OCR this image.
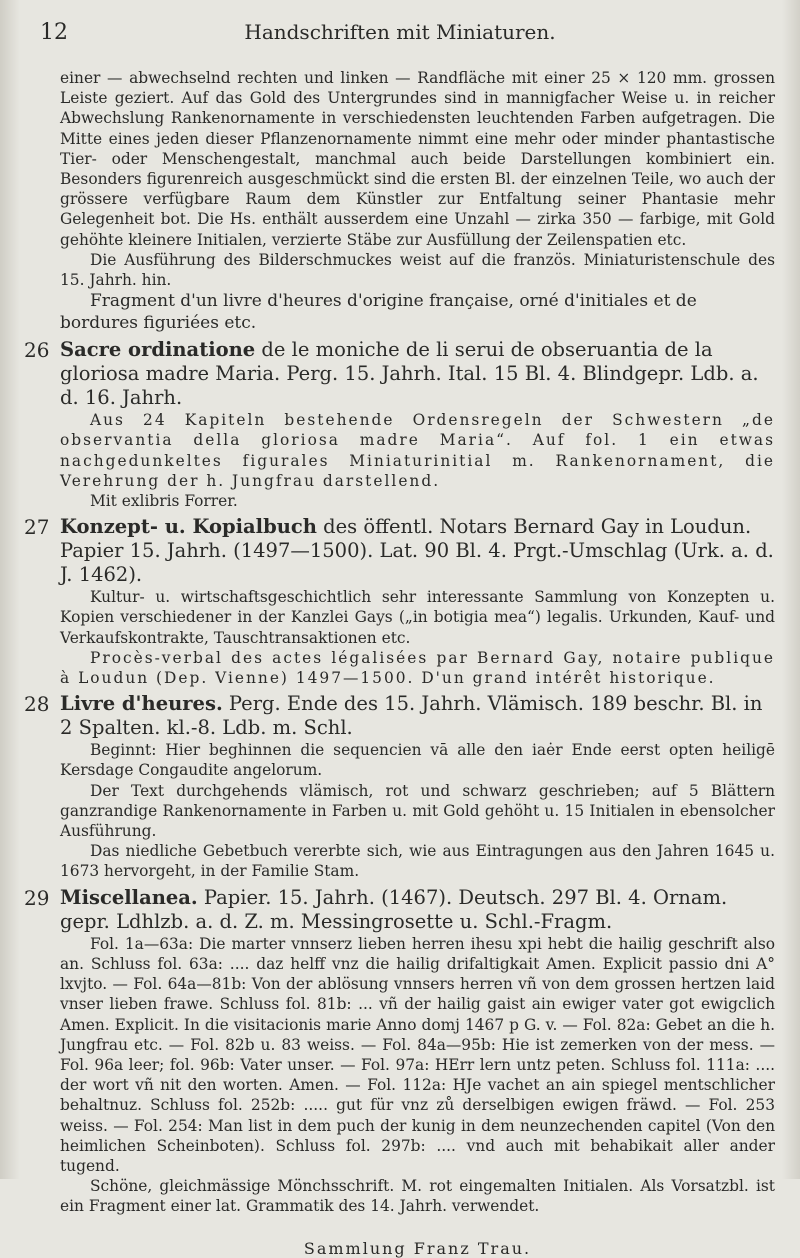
12	Handschriften mit Miniaturen.

einer — abwechselnd rechten und linken — Randfläche mit einer 25 × 120 mm. grossen Leiste geziert. Auf das Gold des Untergrundes sind in mannigfacher Weise u. in reicher Abwechslung Rankenornamente in verschiedensten leuchtenden Farben aufgetragen. Die Mitte eines jeden dieser Pflanzenornamente nimmt eine mehr oder minder phantastische Tier- oder Menschengestalt, manchmal auch beide Darstellungen kombiniert ein. Besonders figurenreich ausgeschmückt sind die ersten Bl. der einzelnen Teile, wo auch der grössere verfügbare Raum dem Künstler zur Entfaltung seiner Phantasie mehr Gelegenheit bot. Die Hs. enthält ausserdem eine Unzahl — zirka 350 — farbige, mit Gold gehöhte kleinere Initialen, verzierte Stäbe zur Ausfüllung der Zeilenspatien etc.

Die Ausführung des Bilderschmuckes weist auf die französ. Miniaturistenschule des 15. Jahrh. hin.

Fragment d'un livre d'heures d'origine française, orné d'initiales et de bordures figuriées etc.

26 Sacre ordinatione de le moniche de li serui de obseruantia de la gloriosa madre Maria. Perg. 15. Jahrh. Ital. 15 Bl. 4. Blindgepr. Ldb. a. d. 16. Jahrh.

Aus 24 Kapiteln bestehende Ordensregeln der Schwestern „de observantia della gloriosa madre Maria“. Auf fol. 1 ein etwas nachgedunkeltes figurales Miniaturinitial m. Rankenornament, die Verehrung der h. Jungfrau darstellend.

Mit exlibris Forrer.

27 Konzept- u. Kopialbuch des öffentl. Notars Bernard Gay in Loudun. Papier 15. Jahrh. (1497—1500). Lat. 90 Bl. 4. Prgt.-Umschlag (Urk. a. d. J. 1462).

Kultur- u. wirtschaftsgeschichtlich sehr interessante Sammlung von Konzepten u. Kopien verschiedener in der Kanzlei Gays („in botigia mea“) legalis. Urkunden, Kauf- und Verkaufskontrakte, Tauschtransaktionen etc.

Procès-verbal des actes légalisées par Bernard Gay, notaire publique à Loudun (Dep. Vienne) 1497—1500. D'un grand intérêt historique.

28 Livre d'heures. Perg. Ende des 15. Jahrh. Vlämisch. 189 beschr. Bl. in 2 Spalten. kl.-8. Ldb. m. Schl.

Beginnt: Hier beghinnen die sequencien vā alle den iaėr Ende eerst opten heiligē Kersdage Congaudite angelorum.

Der Text durchgehends vlämisch, rot und schwarz geschrieben; auf 5 Blättern ganzrandige Rankenornamente in Farben u. mit Gold gehöht u. 15 Initialen in ebensolcher Ausführung.

Das niedliche Gebetbuch vererbte sich, wie aus Eintragungen aus den Jahren 1645 u. 1673 hervorgeht, in der Familie Stam.

29 Miscellanea. Papier. 15. Jahrh. (1467). Deutsch. 297 Bl. 4. Ornam. gepr. Ldhlzb. a. d. Z. m. Messingrosette u. Schl.-Fragm.

Fol. 1a—63a: Die marter vnnserz lieben herren ihesu xpi hebt die hailig geschrift also an. Schluss fol. 63a: .... daz helff vnz die hailig drifaltigkait Amen. Explicit passio dni A° lxvjto. — Fol. 64a—81b: Von der ablösung vnnsers herren vñ von dem grossen hertzen laid vnser lieben frawe. Schluss fol. 81b: ... vñ der hailig gaist ain ewiger vater got ewigclich Amen. Explicit. In die visitacionis marie Anno domj 1467 p G. v. — Fol. 82a: Gebet an die h. Jungfrau etc. — Fol. 82b u. 83 weiss. — Fol. 84a—95b: Hie ist zemerken von der mess. — Fol. 96a leer; fol. 96b: Vater unser. — Fol. 97a: HErr lern untz peten. Schluss fol. 111a: .... der wort vñ nit den worten. Amen. — Fol. 112a: HJe vachet an ain spiegel mentschlicher behaltnuz. Schluss fol. 252b: ..... gut für vnz zů derselbigen ewigen fräwd. — Fol. 253 weiss. — Fol. 254: Man list in dem puch der kunig in dem neunzechenden capitel (Von den heimlichen Scheinboten). Schluss fol. 297b: .... vnd auch mit behabikait aller ander tugend.

Schöne, gleichmässige Mönchsschrift. M. rot eingemalten Initialen. Als Vorsatzbl. ist ein Fragment einer lat. Grammatik des 14. Jahrh. verwendet.

Sammlung Franz Trau.
